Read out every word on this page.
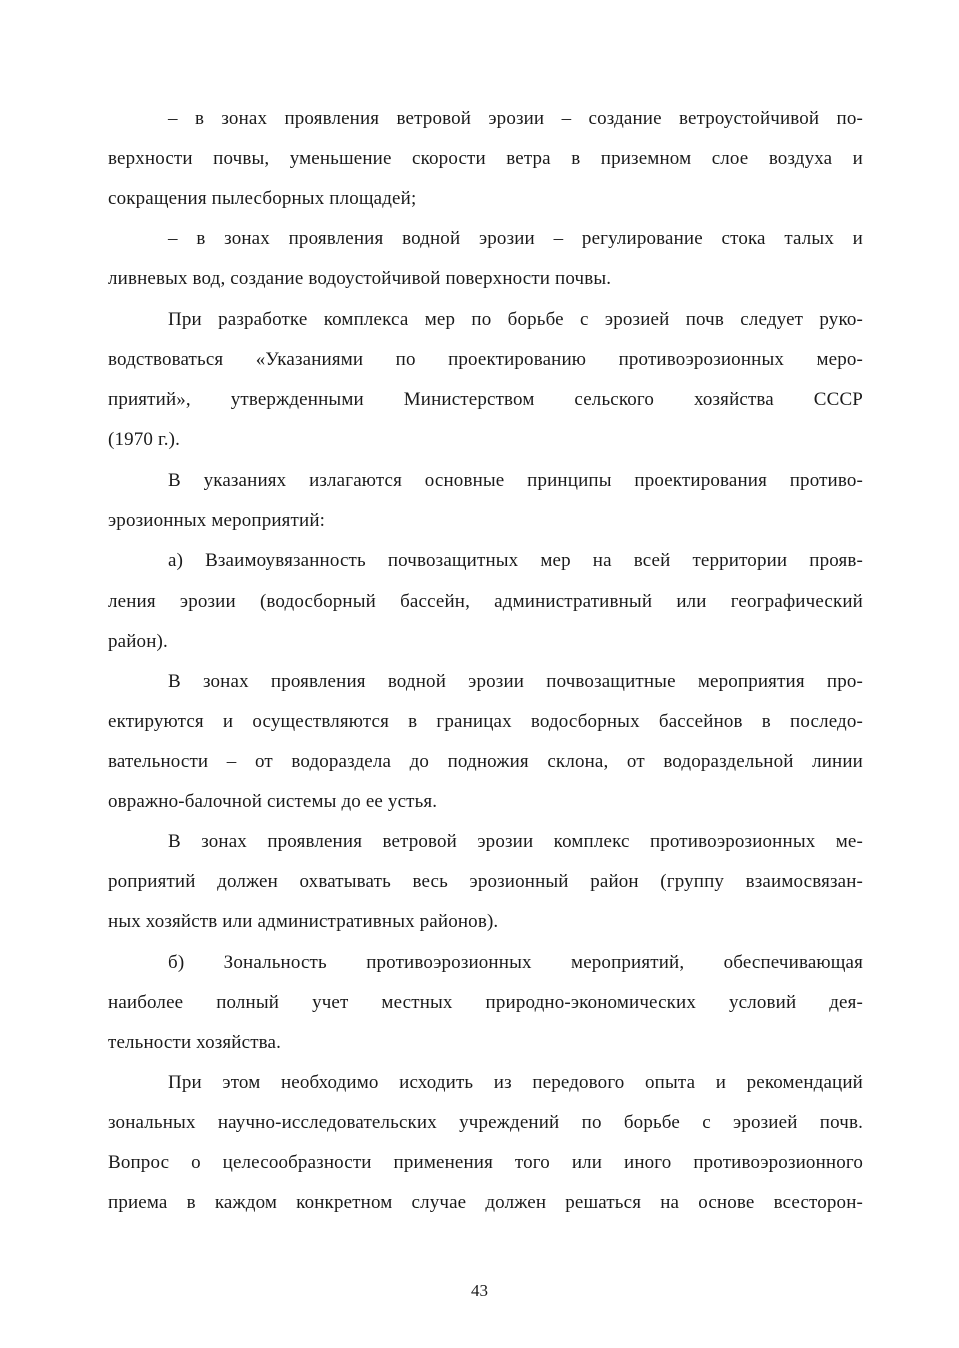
– в зонах проявления ветровой эрозии – создание ветроустойчивой по-
верхности почвы, уменьшение скорости ветра в приземном слое воздуха и
сокращения пылесборных площадей;
– в зонах проявления водной эрозии – регулирование стока талых и
ливневых вод, создание водоустойчивой поверхности почвы.
При разработке комплекса мер по борьбе с эрозией почв следует руко-
водствоваться «Указаниями по проектированию противоэрозионных меро-
приятий», утвержденными Министерством сельского хозяйства СССР
(1970 г.).
В указаниях излагаются основные принципы проектирования противо-
эрозионных мероприятий:
а) Взаимоувязанность почвозащитных мер на всей территории прояв-
ления эрозии (водосборный бассейн, административный или географический
район).
В зонах проявления водной эрозии почвозащитные мероприятия про-
ектируются и осуществляются в границах водосборных бассейнов в последо-
вательности – от водораздела до подножия склона, от водораздельной линии
овражно-балочной системы до ее устья.
В зонах проявления ветровой эрозии комплекс противоэрозионных ме-
роприятий должен охватывать весь эрозионный район (группу взаимосвязан-
ных хозяйств или административных районов).
б) Зональность противоэрозионных мероприятий, обеспечивающая
наиболее полный учет местных природно-экономических условий дея-
тельности хозяйства.
При этом необходимо исходить из передового опыта и рекомендаций
зональных научно-исследовательских учреждений по борьбе с эрозией почв.
Вопрос о целесообразности применения того или иного противоэрозионного
приема в каждом конкретном случае должен решаться на основе всесторон-
43
